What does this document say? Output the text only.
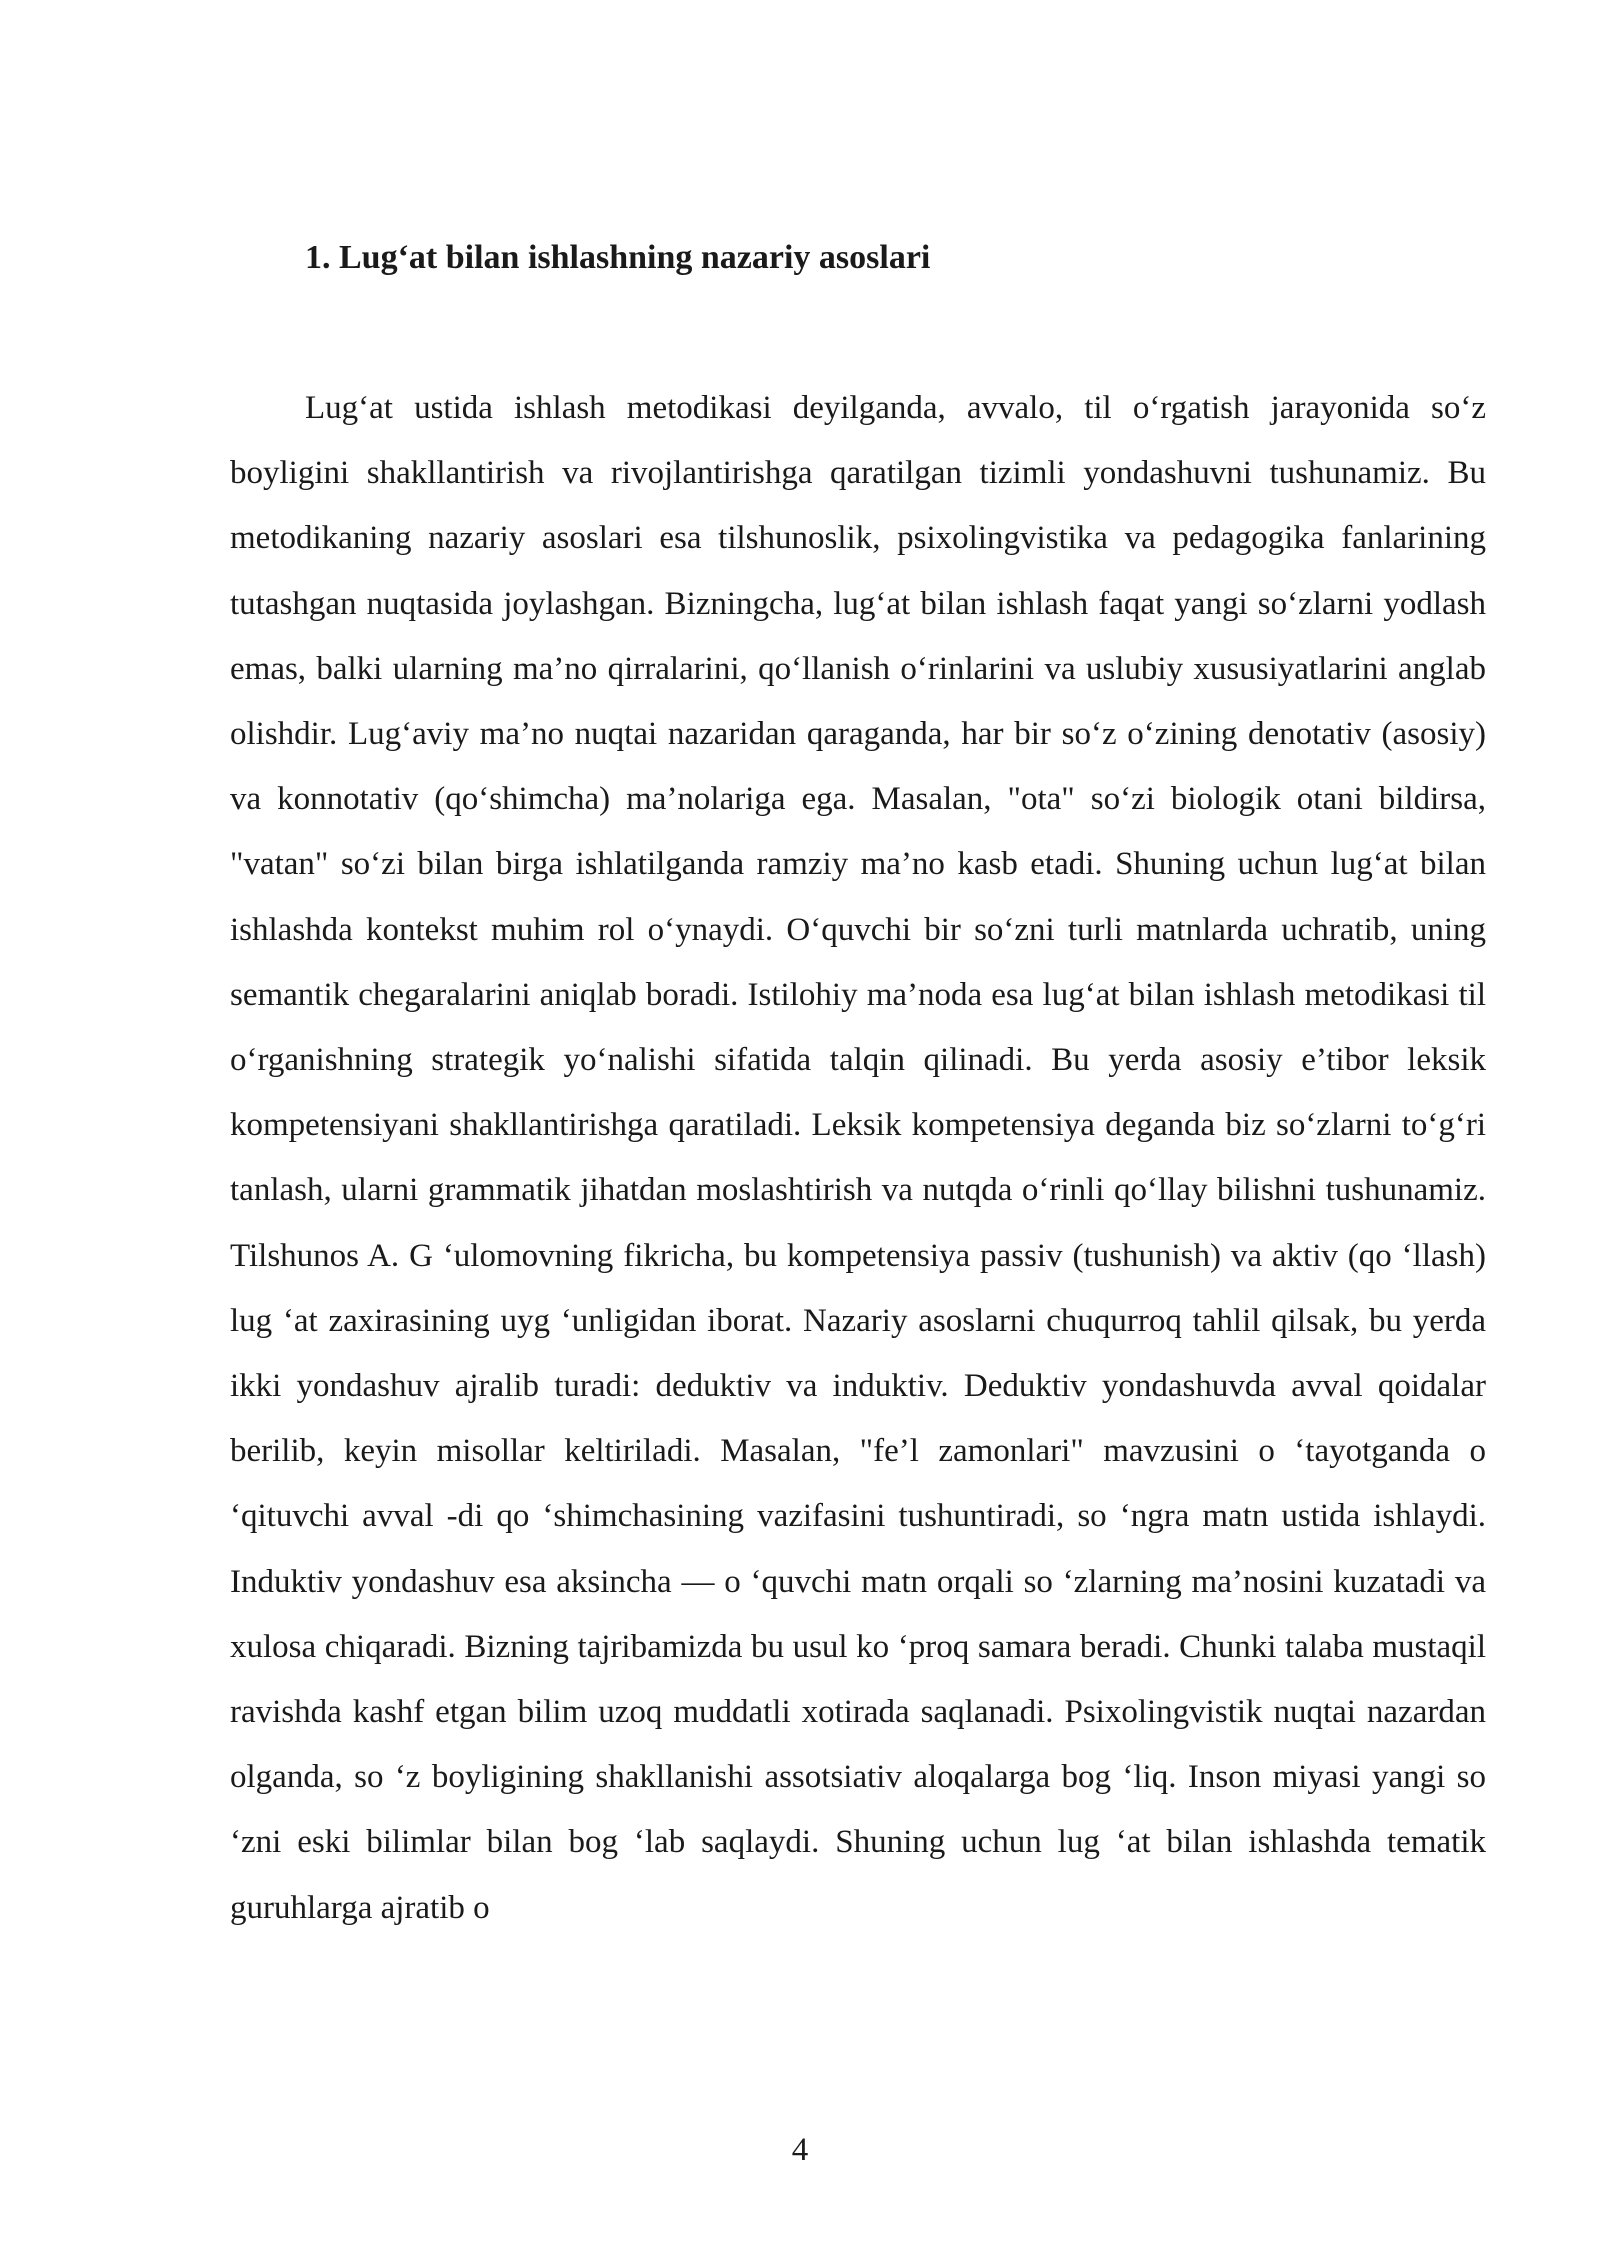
1. Lug‘at bilan ishlashning nazariy asoslari

Lug‘at ustida ishlash metodikasi deyilganda, avvalo, til o‘rgatish jarayonida so‘z boyligini shakllantirish va rivojlantirishga qaratilgan tizimli yondashuvni tushunamiz. Bu metodikaning nazariy asoslari esa tilshunoslik, psixolingvistika va pedagogika fanlarining tutashgan nuqtasida joylashgan. Bizningcha, lug‘at bilan ishlash faqat yangi so‘zlarni yodlash emas, balki ularning ma’no qirralarini, qo‘llanish o‘rinlarini va uslubiy xususiyatlarini anglab olishdir. Lug‘aviy ma’no nuqtai nazaridan qaraganda, har bir so‘z o‘zining denotativ (asosiy) va konnotativ (qo‘shimcha) ma’nolariga ega. Masalan, "ota" so‘zi biologik otani bildirsa, "vatan" so‘zi bilan birga ishlatilganda ramziy ma’no kasb etadi. Shuning uchun lug‘at bilan ishlashda kontekst muhim rol o‘ynaydi. O‘quvchi bir so‘zni turli matnlarda uchratib, uning semantik chegaralarini aniqlab boradi. Istilohiy ma’noda esa lug‘at bilan ishlash metodikasi til o‘rganishning strategik yo‘nalishi sifatida talqin qilinadi. Bu yerda asosiy e’tibor leksik kompetensiyani shakllantirishga qaratiladi. Leksik kompetensiya deganda biz so‘zlarni to‘g‘ri tanlash, ularni grammatik jihatdan moslashtirish va nutqda o‘rinli qo‘llay bilishni tushunamiz. Tilshunos A. G ‘ulomovning fikricha, bu kompetensiya passiv (tushunish) va aktiv (qo ‘llash) lug ‘at zaxirasining uyg ‘unligidan iborat. Nazariy asoslarni chuqurroq tahlil qilsak, bu yerda ikki yondashuv ajralib turadi: deduktiv va induktiv. Deduktiv yondashuvda avval qoidalar berilib, keyin misollar keltiriladi. Masalan, "fe’l zamonlari" mavzusini o ‘tayotganda o ‘qituvchi avval -di qo ‘shimchasining vazifasini tushuntiradi, so ‘ngra matn ustida ishlaydi. Induktiv yondashuv esa aksincha — o ‘quvchi matn orqali so ‘zlarning ma’nosini kuzatadi va xulosa chiqaradi. Bizning tajribamizda bu usul ko ‘proq samara beradi. Chunki talaba mustaqil ravishda kashf etgan bilim uzoq muddatli xotirada saqlanadi. Psixolingvistik nuqtai nazardan olganda, so ‘z boyligining shakllanishi assotsiativ aloqalarga bog ‘liq. Inson miyasi yangi so ‘zni eski bilimlar bilan bog ‘lab saqlaydi. Shuning uchun lug ‘at bilan ishlashda tematik guruhlarga ajratib o

4
